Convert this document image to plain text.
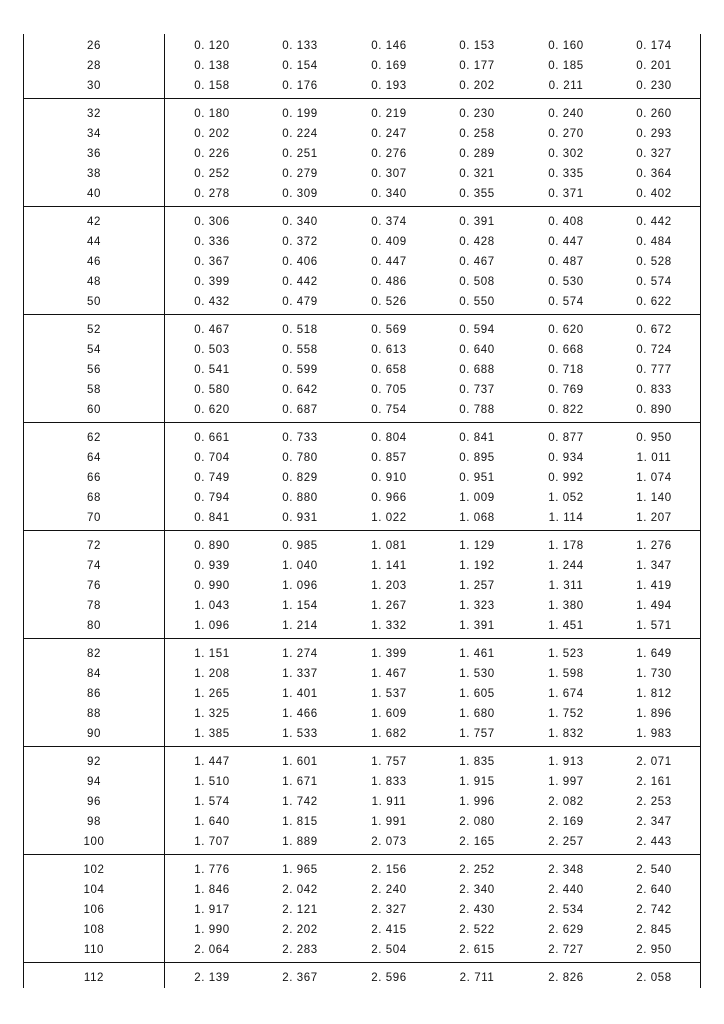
26	0. 120	0. 133	0. 146	0. 153	0. 160	0. 174
28	0. 138	0. 154	0. 169	0. 177	0. 185	0. 201
30	0. 158	0. 176	0. 193	0. 202	0. 211	0. 230
32	0. 180	0. 199	0. 219	0. 230	0. 240	0. 260
34	0. 202	0. 224	0. 247	0. 258	0. 270	0. 293
36	0. 226	0. 251	0. 276	0. 289	0. 302	0. 327
38	0. 252	0. 279	0. 307	0. 321	0. 335	0. 364
40	0. 278	0. 309	0. 340	0. 355	0. 371	0. 402
42	0. 306	0. 340	0. 374	0. 391	0. 408	0. 442
44	0. 336	0. 372	0. 409	0. 428	0. 447	0. 484
46	0. 367	0. 406	0. 447	0. 467	0. 487	0. 528
48	0. 399	0. 442	0. 486	0. 508	0. 530	0. 574
50	0. 432	0. 479	0. 526	0. 550	0. 574	0. 622
52	0. 467	0. 518	0. 569	0. 594	0. 620	0. 672
54	0. 503	0. 558	0. 613	0. 640	0. 668	0. 724
56	0. 541	0. 599	0. 658	0. 688	0. 718	0. 777
58	0. 580	0. 642	0. 705	0. 737	0. 769	0. 833
60	0. 620	0. 687	0. 754	0. 788	0. 822	0. 890
62	0. 661	0. 733	0. 804	0. 841	0. 877	0. 950
64	0. 704	0. 780	0. 857	0. 895	0. 934	1. 011
66	0. 749	0. 829	0. 910	0. 951	0. 992	1. 074
68	0. 794	0. 880	0. 966	1. 009	1. 052	1. 140
70	0. 841	0. 931	1. 022	1. 068	1. 114	1. 207
72	0. 890	0. 985	1. 081	1. 129	1. 178	1. 276
74	0. 939	1. 040	1. 141	1. 192	1. 244	1. 347
76	0. 990	1. 096	1. 203	1. 257	1. 311	1. 419
78	1. 043	1. 154	1. 267	1. 323	1. 380	1. 494
80	1. 096	1. 214	1. 332	1. 391	1. 451	1. 571
82	1. 151	1. 274	1. 399	1. 461	1. 523	1. 649
84	1. 208	1. 337	1. 467	1. 530	1. 598	1. 730
86	1. 265	1. 401	1. 537	1. 605	1. 674	1. 812
88	1. 325	1. 466	1. 609	1. 680	1. 752	1. 896
90	1. 385	1. 533	1. 682	1. 757	1. 832	1. 983
92	1. 447	1. 601	1. 757	1. 835	1. 913	2. 071
94	1. 510	1. 671	1. 833	1. 915	1. 997	2. 161
96	1. 574	1. 742	1. 911	1. 996	2. 082	2. 253
98	1. 640	1. 815	1. 991	2. 080	2. 169	2. 347
100	1. 707	1. 889	2. 073	2. 165	2. 257	2. 443
102	1. 776	1. 965	2. 156	2. 252	2. 348	2. 540
104	1. 846	2. 042	2. 240	2. 340	2. 440	2. 640
106	1. 917	2. 121	2. 327	2. 430	2. 534	2. 742
108	1. 990	2. 202	2. 415	2. 522	2. 629	2. 845
110	2. 064	2. 283	2. 504	2. 615	2. 727	2. 950
112	2. 139	2. 367	2. 596	2. 711	2. 826	2. 058
